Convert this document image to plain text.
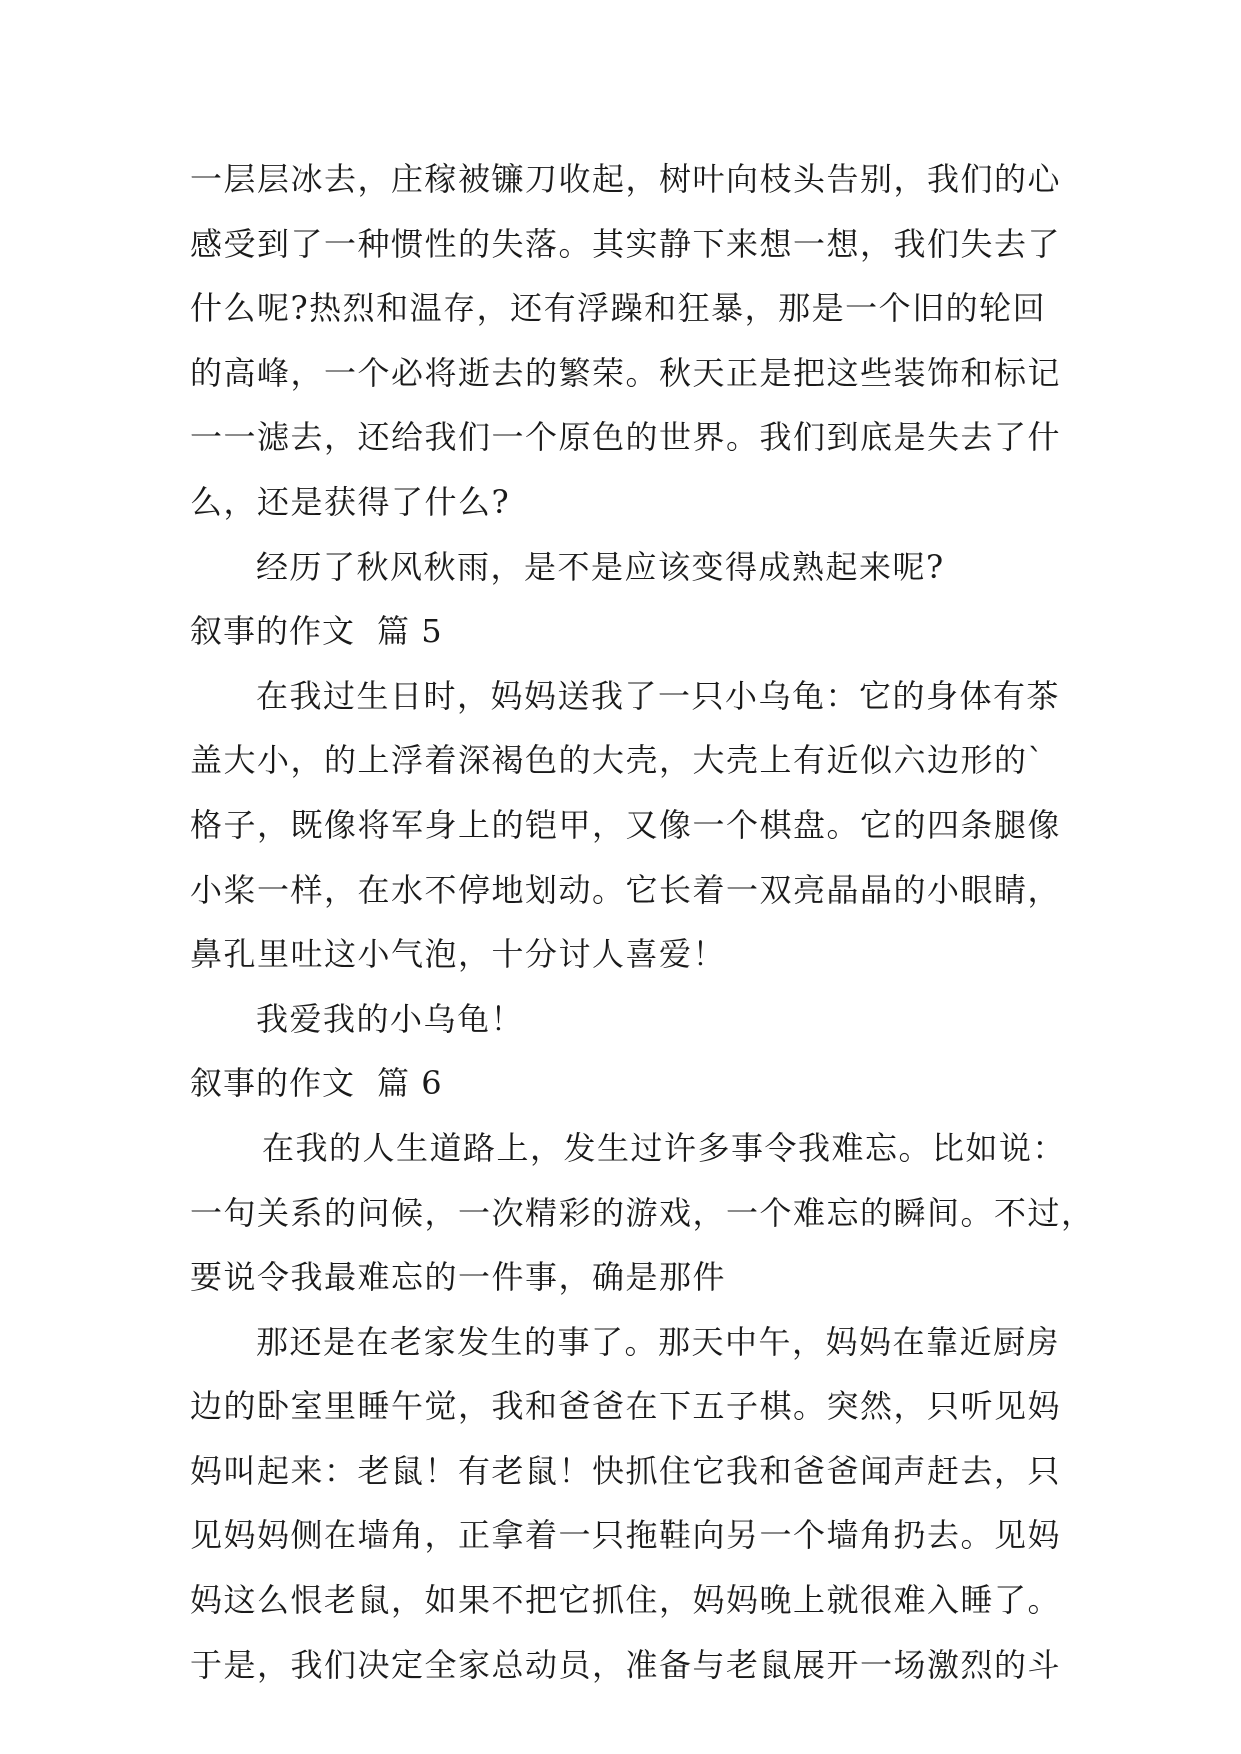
一层层冰去，庄稼被镰刀收起，树叶向枝头告别，我们的心
感受到了一种惯性的失落。其实静下来想一想，我们失去了
什么呢?热烈和温存，还有浮躁和狂暴，那是一个旧的轮回
的高峰，一个必将逝去的繁荣。秋天正是把这些装饰和标记
一一滤去，还给我们一个原色的世界。我们到底是失去了什
么，还是获得了什么?
经历了秋风秋雨，是不是应该变得成熟起来呢?
叙事的作文 篇 5
在我过生日时，妈妈送我了一只小乌龟：它的身体有茶
盖大小，的上浮着深褐色的大壳，大壳上有近似六边形的`
格子，既像将军身上的铠甲，又像一个棋盘。它的四条腿像
小桨一样，在水不停地划动。它长着一双亮晶晶的小眼睛，
鼻孔里吐这小气泡，十分讨人喜爱！
我爱我的小乌龟！
叙事的作文 篇 6
在我的人生道路上，发生过许多事令我难忘。比如说：
一句关系的问候，一次精彩的游戏，一个难忘的瞬间。不过，
要说令我最难忘的一件事，确是那件
那还是在老家发生的事了。那天中午，妈妈在靠近厨房
边的卧室里睡午觉，我和爸爸在下五子棋。突然，只听见妈
妈叫起来：老鼠！有老鼠！快抓住它我和爸爸闻声赶去，只
见妈妈侧在墙角，正拿着一只拖鞋向另一个墙角扔去。见妈
妈这么恨老鼠，如果不把它抓住，妈妈晚上就很难入睡了。
于是，我们决定全家总动员，准备与老鼠展开一场激烈的斗
